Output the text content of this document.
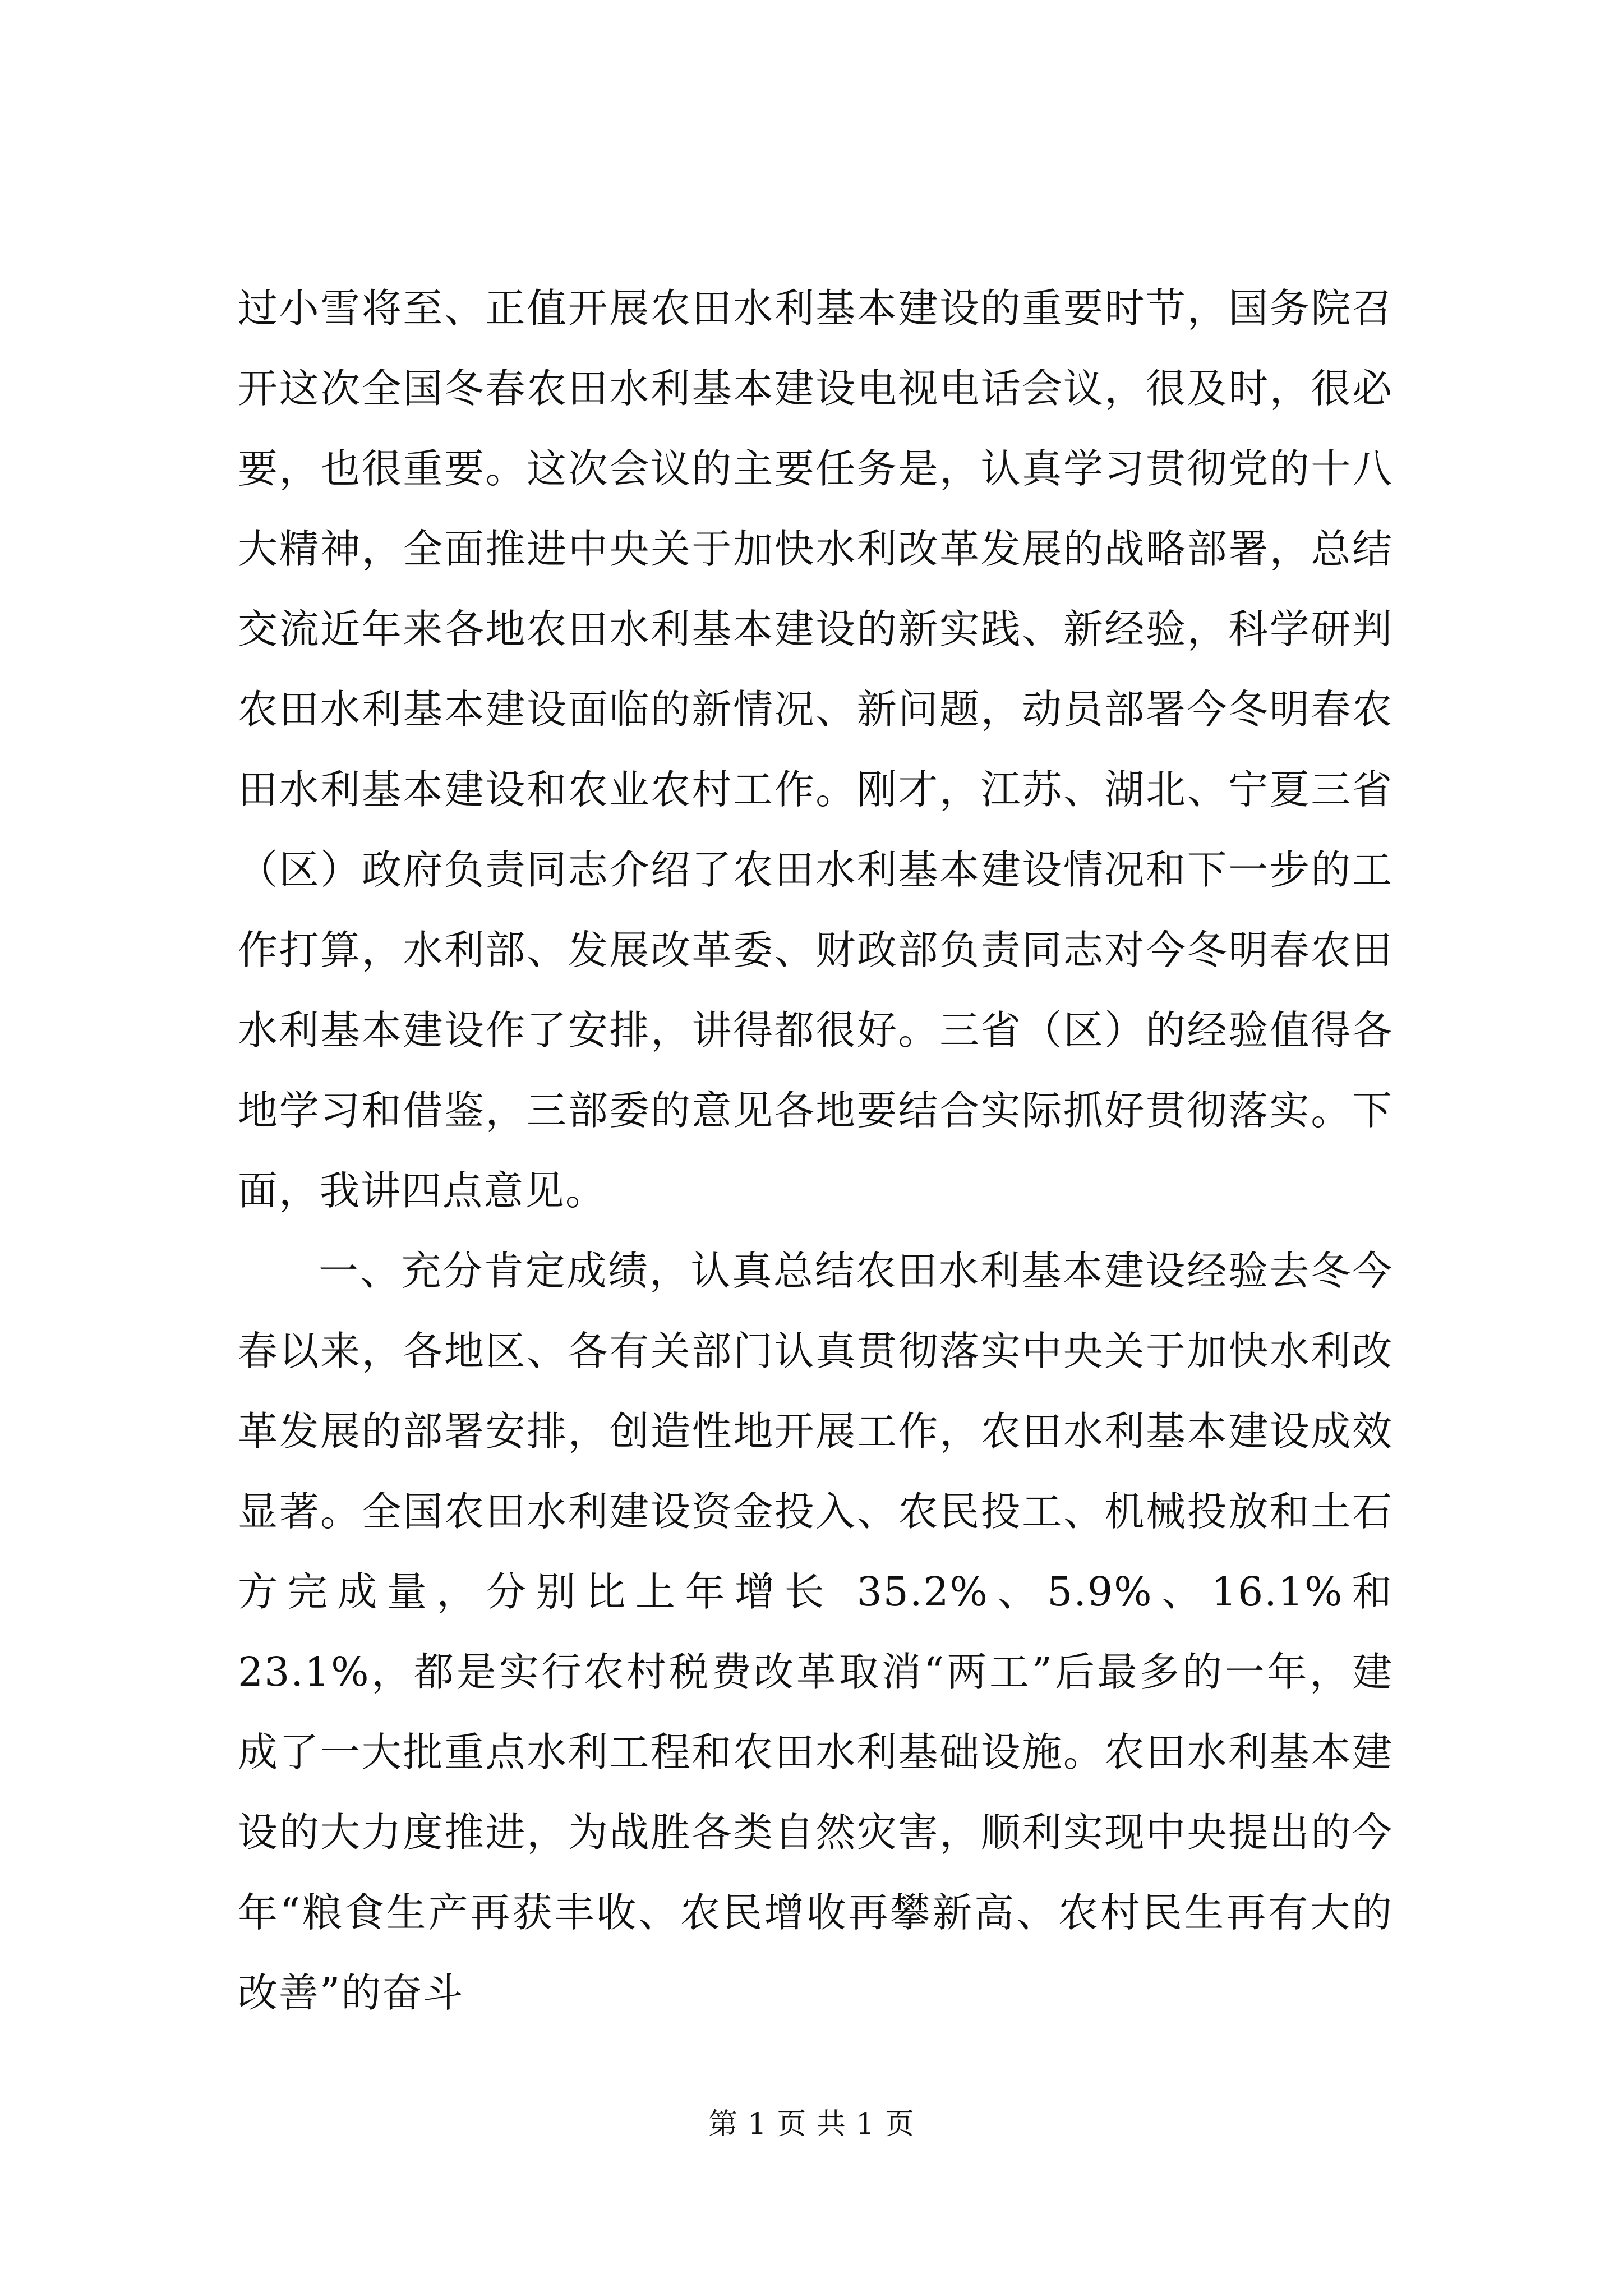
过小雪将至、正值开展农田水利基本建设的重要时节，国务院召开这次全国冬春农田水利基本建设电视电话会议，很及时，很必要，也很重要。这次会议的主要任务是，认真学习贯彻党的十八大精神，全面推进中央关于加快水利改革发展的战略部署，总结交流近年来各地农田水利基本建设的新实践、新经验，科学研判农田水利基本建设面临的新情况、新问题，动员部署今冬明春农田水利基本建设和农业农村工作。刚才，江苏、湖北、宁夏三省（区）政府负责同志介绍了农田水利基本建设情况和下一步的工作打算，水利部、发展改革委、财政部负责同志对今冬明春农田水利基本建设作了安排，讲得都很好。三省（区）的经验值得各地学习和借鉴，三部委的意见各地要结合实际抓好贯彻落实。下面，我讲四点意见。

一、充分肯定成绩，认真总结农田水利基本建设经验去冬今春以来，各地区、各有关部门认真贯彻落实中央关于加快水利改革发展的部署安排，创造性地开展工作，农田水利基本建设成效显著。全国农田水利建设资金投入、农民投工、机械投放和土石方完成量，分别比上年增长 35.2%、5.9%、16.1%和 23.1%，都是实行农村税费改革取消“两工”后最多的一年，建成了一大批重点水利工程和农田水利基础设施。农田水利基本建设的大力度推进，为战胜各类自然灾害，顺利实现中央提出的今年“粮食生产再获丰收、农民增收再攀新高、农村民生再有大的改善”的奋斗

第 1 页 共 1 页
